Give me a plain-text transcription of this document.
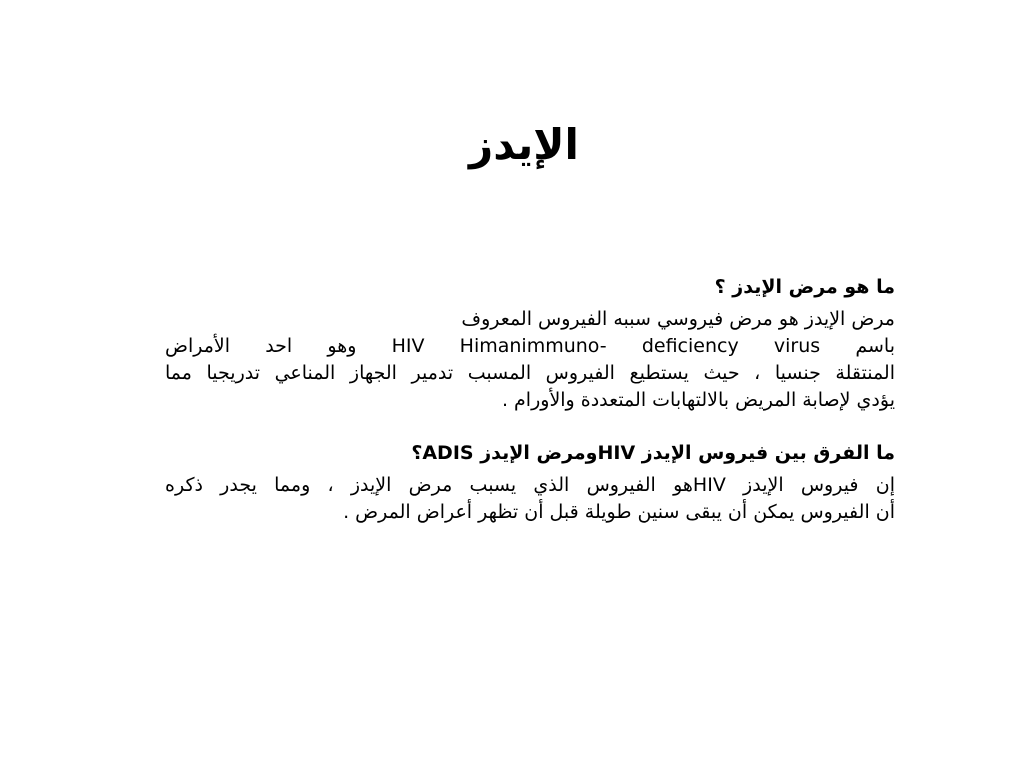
الإيدز

ما هو مرض الإيدز ؟

مرض الإيدز هو مرض فيروسي سببه الفيروس المعروف
باسم HIV Himanimmuno- deficiency virus وهو احد الأمراض
المنتقلة جنسيا ، حيث يستطيع الفيروس المسبب تدمير الجهاز المناعي تدريجيا مما
يؤدي لإصابة المريض بالالتهابات المتعددة والأورام .

ما الفرق بين فيروس الإيدز HIVومرض الإيدز ADIS؟

إن فيروس الإيدز HIVهو الفيروس الذي يسبب مرض الإيدز ، ومما يجدر ذكره
أن الفيروس يمكن أن يبقى سنين طويلة قبل أن تظهر أعراض المرض .
